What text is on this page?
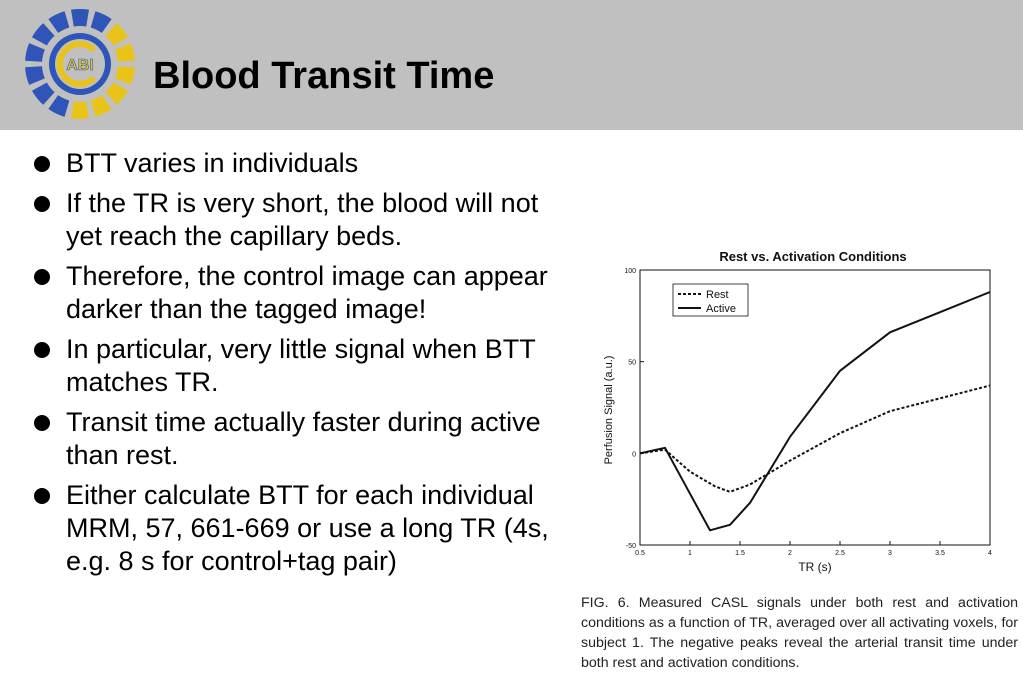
ABI Blood Transit Time
BTT varies in individuals
If the TR is very short, the blood will not yet reach the capillary beds.
Therefore, the control image can appear darker than the tagged image!
In particular, very little signal when BTT matches TR.
Transit time actually faster during active than rest.
Either calculate BTT for each individual MRM, 57, 661-669 or use a long TR (4s, e.g. 8 s for control+tag pair)
Rest vs. Activation Conditions
-50
0
50
100
0.5	1	1.5	2	2.5	3	3.5	4
TR (s)
Perfusion Signal (a.u.)
Rest
Active
FIG. 6. Measured CASL signals under both rest and activation conditions as a function of TR, averaged over all activating voxels, for subject 1. The negative peaks reveal the arterial transit time under both rest and activation conditions.
